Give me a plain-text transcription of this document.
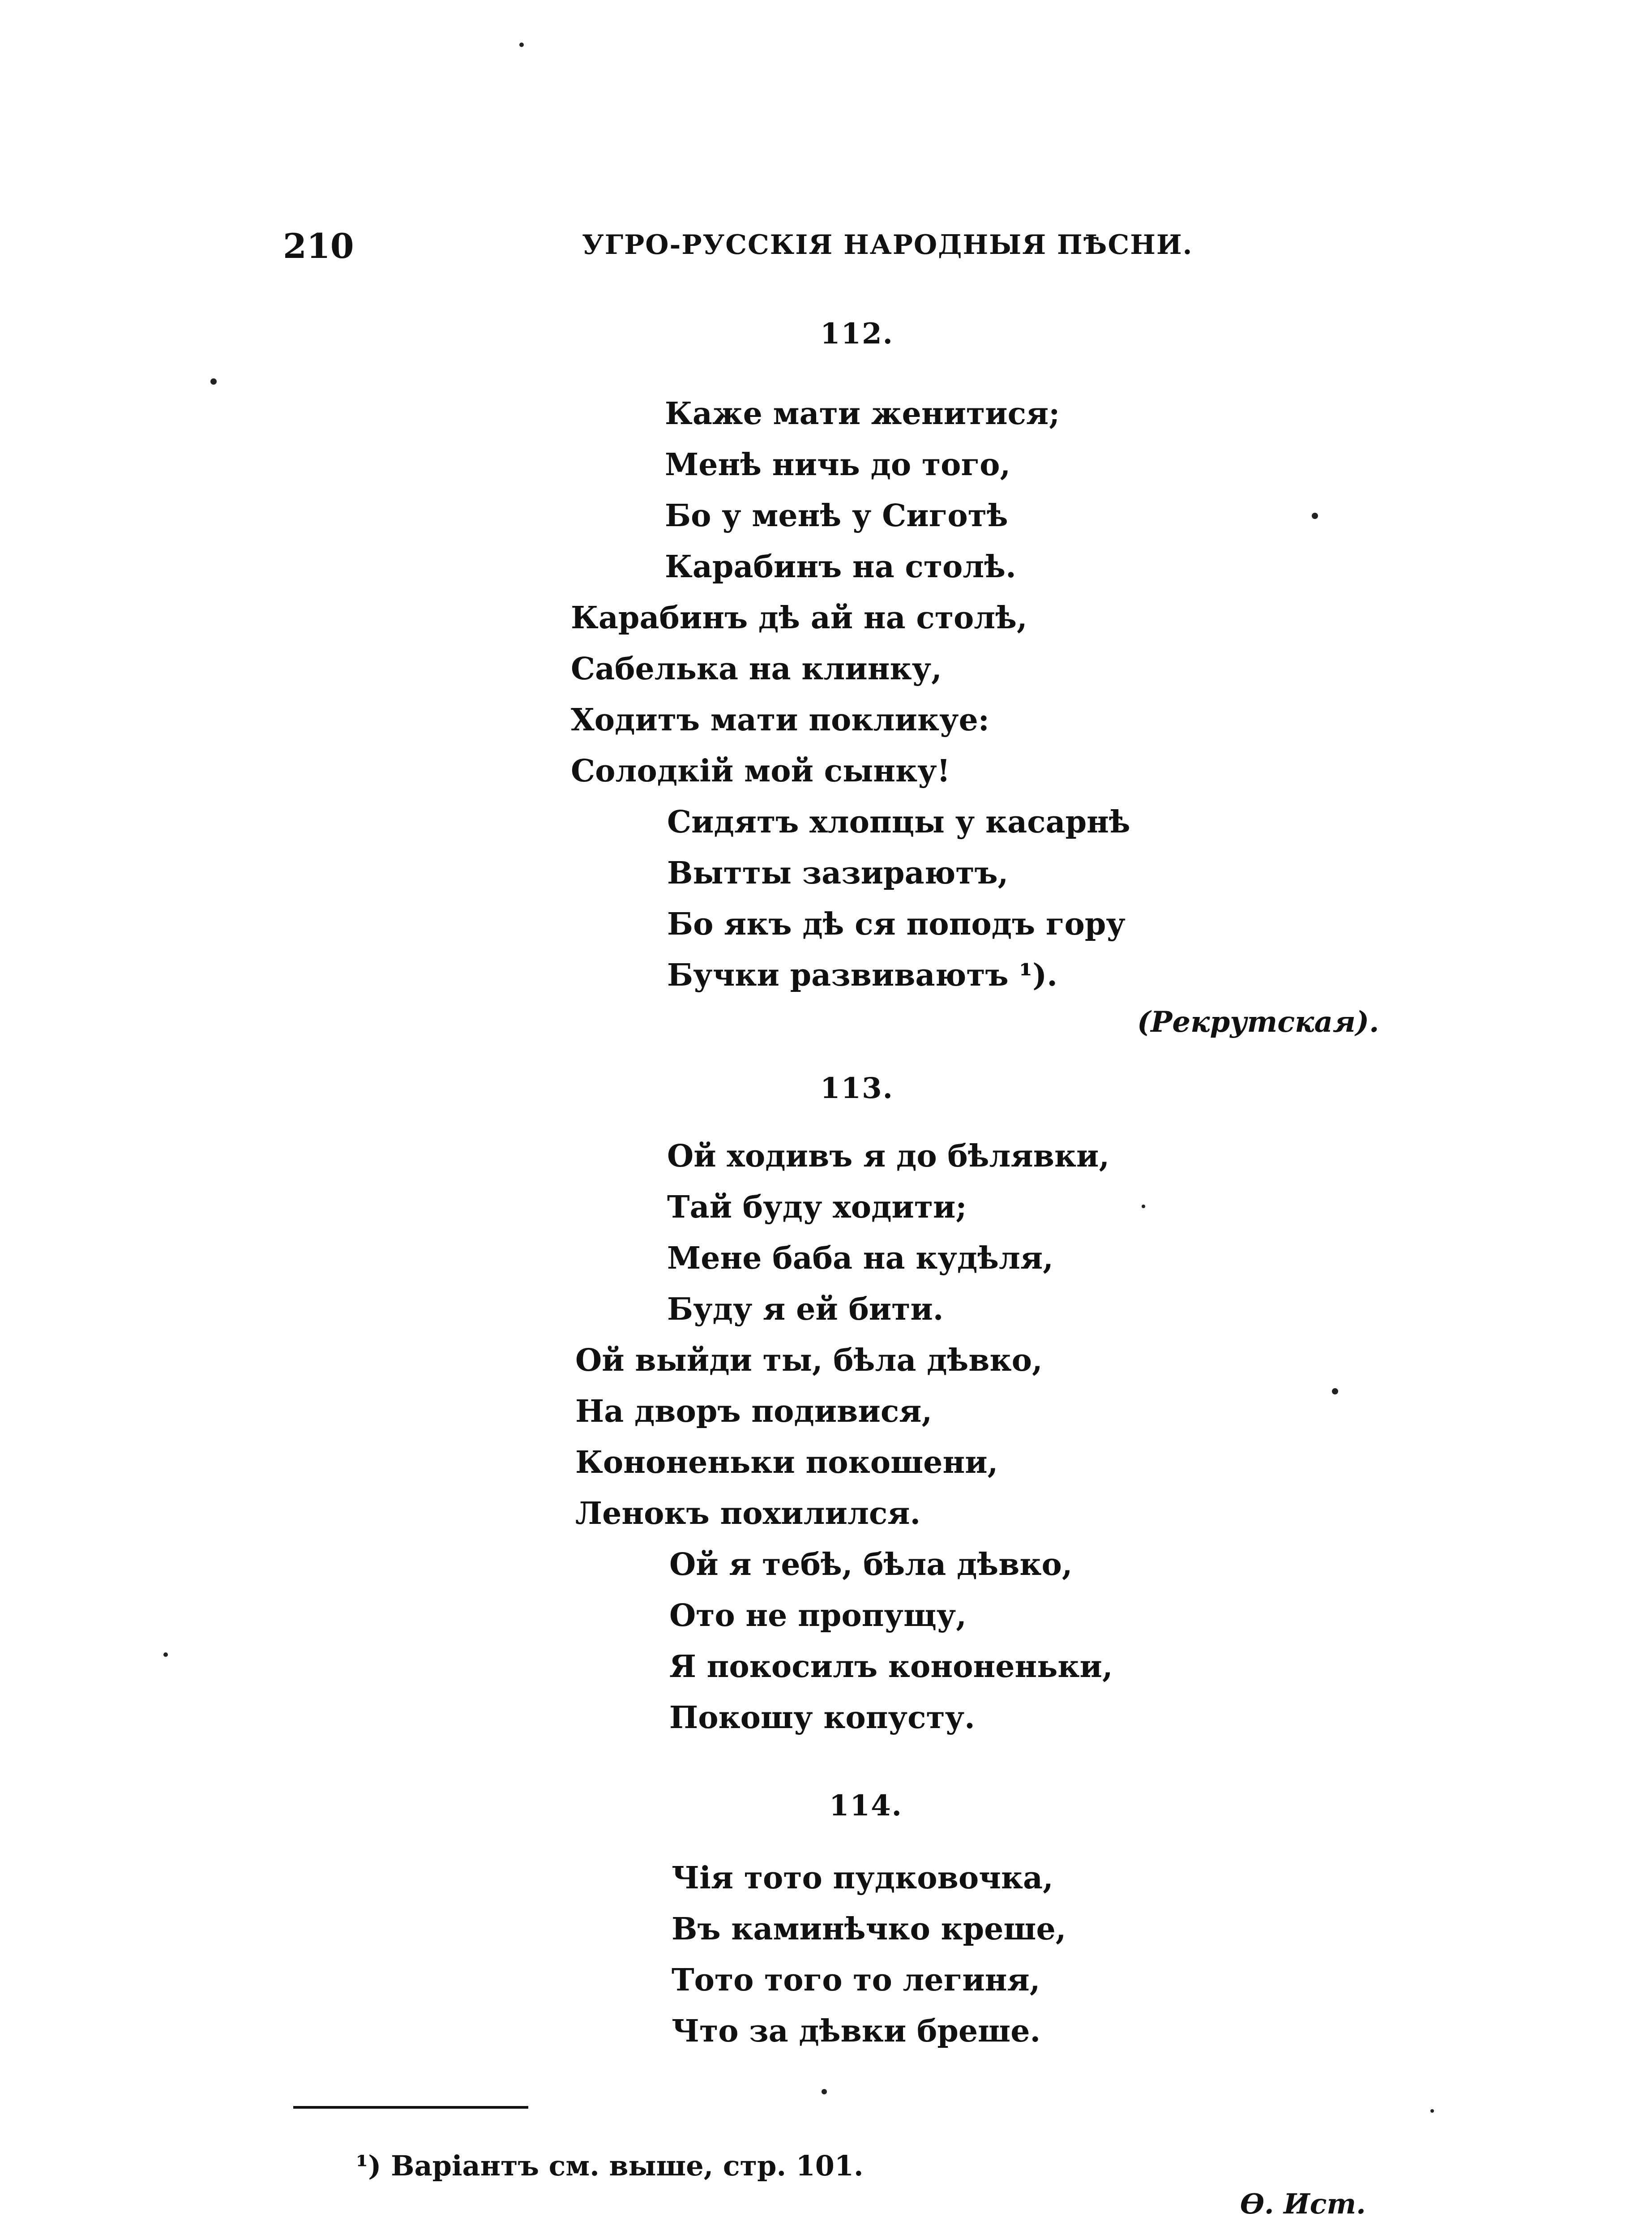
210	УГРО-РУССКІЯ НАРОДНЫЯ ПѢСНИ.
112.
Каже мати женитися;
Менѣ ничь до того,
Бо у менѣ у Сиготѣ
Карабинъ на столѣ.
Карабинъ дѣ ай на столѣ,
Сабелька на клинку,
Ходитъ мати покликуе:
Солодкій мой сынку!
Сидятъ хлопцы у касарнѣ
Вытты зазираютъ,
Бо якъ дѣ ся поподъ гору
Бучки развиваютъ ¹).
(Рекрутская).
113.
Ой ходивъ я до бѣлявки,
Тай буду ходити;
Мене баба на кудѣля,
Буду я ей бити.
Ой выйди ты, бѣла дѣвко,
На дворъ подивися,
Кононеньки покошени,
Ленокъ похилился.
Ой я тебѣ, бѣла дѣвко,
Ото не пропущу,
Я покосилъ кононеньки,
Покошу копусту.
114.
Чія тото пудковочка,
Въ каминѣчко креше,
Тото того то легиня,
Что за дѣвки бреше.
¹) Варіантъ см. выше, стр. 101.
Ѳ. Ист.
